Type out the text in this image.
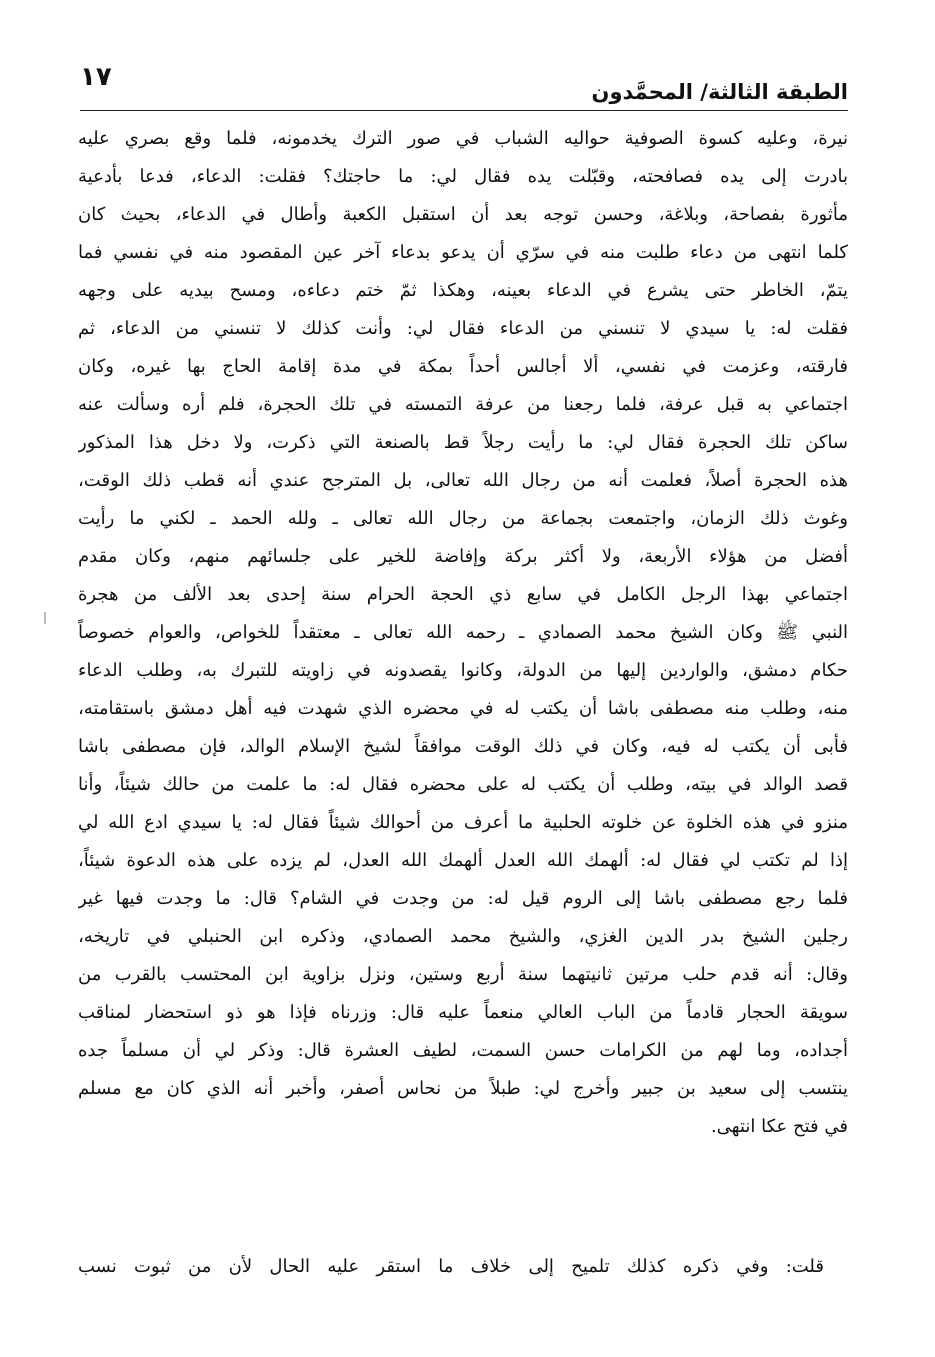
الطبقة الثالثة/ المحمَّدون
١٧
نيرة، وعليه كسوة الصوفية حواليه الشباب في صور الترك يخدمونه، فلما وقع بصري عليه
بادرت إلى يده فصافحته، وقبّلت يده فقال لي: ما حاجتك؟ فقلت: الدعاء، فدعا بأدعية
مأثورة بفصاحة، وبلاغة، وحسن توجه بعد أن استقبل الكعبة وأطال في الدعاء، بحيث كان
كلما انتهى من دعاء طلبت منه في سرّي أن يدعو بدعاء آخر عين المقصود منه في نفسي فما
يتمّ، الخاطر حتى يشرع في الدعاء بعينه، وهكذا ثمّ ختم دعاءه، ومسح بيديه على وجهه
فقلت له: يا سيدي لا تنسني من الدعاء فقال لي: وأنت كذلك لا تنسني من الدعاء، ثم
فارقته، وعزمت في نفسي، ألا أجالس أحداً بمكة في مدة إقامة الحاج بها غيره، وكان
اجتماعي به قبل عرفة، فلما رجعنا من عرفة التمسته في تلك الحجرة، فلم أره وسألت عنه
ساكن تلك الحجرة فقال لي: ما رأيت رجلاً قط بالصنعة التي ذكرت، ولا دخل هذا المذكور
هذه الحجرة أصلاً، فعلمت أنه من رجال الله تعالى، بل المترجح عندي أنه قطب ذلك الوقت،
وغوث ذلك الزمان، واجتمعت بجماعة من رجال الله تعالى ـ ولله الحمد ـ لكني ما رأيت
أفضل من هؤلاء الأربعة، ولا أكثر بركة وإفاضة للخير على جلسائهم منهم، وكان مقدم
اجتماعي بهذا الرجل الكامل في سابع ذي الحجة الحرام سنة إحدى بعد الألف من هجرة
النبي ﷺ وكان الشيخ محمد الصمادي ـ رحمه الله تعالى ـ معتقداً للخواص، والعوام خصوصاً
حكام دمشق، والواردين إليها من الدولة، وكانوا يقصدونه في زاويته للتبرك به، وطلب الدعاء
منه، وطلب منه مصطفى باشا أن يكتب له في محضره الذي شهدت فيه أهل دمشق باستقامته،
فأبى أن يكتب له فيه، وكان في ذلك الوقت موافقاً لشيخ الإسلام الوالد، فإن مصطفى باشا
قصد الوالد في بيته، وطلب أن يكتب له على محضره فقال له: ما علمت من حالك شيئاً، وأنا
منزو في هذه الخلوة عن خلوته الحلبية ما أعرف من أحوالك شيئاً فقال له: يا سيدي ادع الله لي
إذا لم تكتب لي فقال له: ألهمك الله العدل ألهمك الله العدل، لم يزده على هذه الدعوة شيئاً،
فلما رجع مصطفى باشا إلى الروم قيل له: من وجدت في الشام؟ قال: ما وجدت فيها غير
رجلين الشيخ بدر الدين الغزي، والشيخ محمد الصمادي، وذكره ابن الحنبلي في تاريخه،
وقال: أنه قدم حلب مرتين ثانيتهما سنة أربع وستين، ونزل بزاوية ابن المحتسب بالقرب من
سويقة الحجار قادماً من الباب العالي منعماً عليه قال: وزرناه فإذا هو ذو استحضار لمناقب
أجداده، وما لهم من الكرامات حسن السمت، لطيف العشرة قال: وذكر لي أن مسلماً جده
ينتسب إلى سعيد بن جبير وأخرج لي: طبلاً من نحاس أصفر، وأخبر أنه الذي كان مع مسلم
في فتح عكا انتهى.
قلت: وفي ذكره كذلك تلميح إلى خلاف ما استقر عليه الحال لأن من ثبوت نسب
